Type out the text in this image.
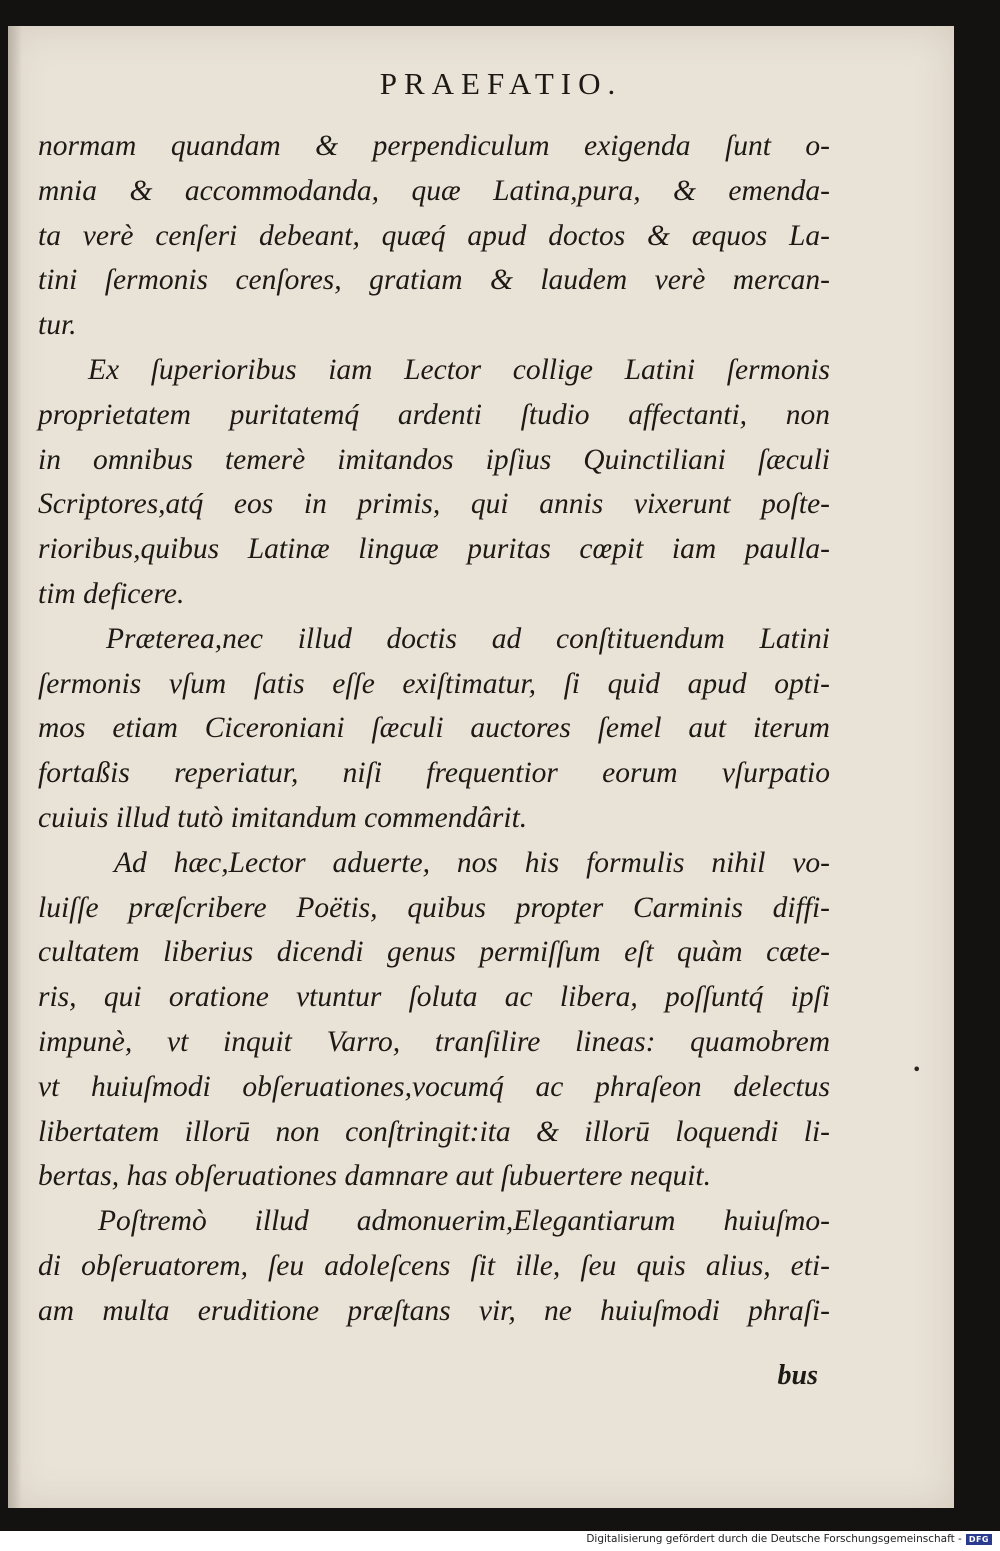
PRAEFATIO.
normam quandam & perpendiculum exigenda ſunt o-
mnia & accommodanda, quæ Latina,pura, & emenda-
ta verè cenſeri debeant, quæq́ apud doctos & æquos La-
tini ſermonis cenſores, gratiam & laudem verè mercan-
tur.
Ex ſuperioribus iam Lector collige Latini ſermonis
proprietatem puritatemq́ ardenti ſtudio affectanti, non
in omnibus temerè imitandos ipſius Quinctiliani ſæculi
Scriptores,atq́ eos in primis, qui annis vixerunt poſte-
rioribus,quibus Latinæ linguæ puritas cœpit iam paulla-
tim deficere.
Præterea,nec illud doctis ad conſtituendum Latini
ſermonis vſum ſatis eſſe exiſtimatur, ſi quid apud opti-
mos etiam Ciceroniani ſæculi auctores ſemel aut iterum
fortaßis reperiatur, niſi frequentior eorum vſurpatio
cuiuis illud tutò imitandum commendârit.
Ad hæc,Lector aduerte, nos his formulis nihil vo-
luiſſe præſcribere Poëtis, quibus propter Carminis diffi-
cultatem liberius dicendi genus permiſſum eſt quàm cæte-
ris, qui oratione vtuntur ſoluta ac libera, poſſuntq́ ipſi
impunè, vt inquit Varro, tranſilire lineas: quamobrem
vt huiuſmodi obſeruationes,vocumq́ ac phraſeon delectus
libertatem illorū non conſtringit:ita & illorū loquendi li-
bertas, has obſeruationes damnare aut ſubuertere nequit.
Poſtremò illud admonuerim,Elegantiarum huiuſmo-
di obſeruatorem, ſeu adoleſcens ſit ille, ſeu quis alius, eti-
am multa eruditione præſtans vir, ne huiuſmodi phraſi-
•
bus
Digitalisierung gefördert durch die Deutsche Forschungsgemeinschaft - DFG
